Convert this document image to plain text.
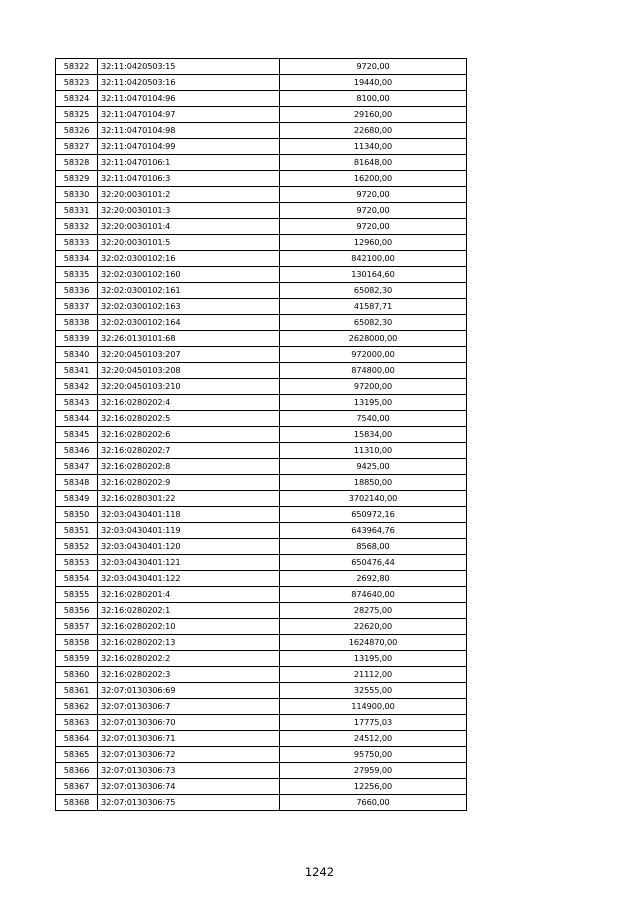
58322	32:11:0420503:15	9720,00
58323	32:11:0420503:16	19440,00
58324	32:11:0470104:96	8100,00
58325	32:11:0470104:97	29160,00
58326	32:11:0470104:98	22680,00
58327	32:11:0470104:99	11340,00
58328	32:11:0470106:1	81648,00
58329	32:11:0470106:3	16200,00
58330	32:20:0030101:2	9720,00
58331	32:20:0030101:3	9720,00
58332	32:20:0030101:4	9720,00
58333	32:20:0030101:5	12960,00
58334	32:02:0300102:16	842100,00
58335	32:02:0300102:160	130164,60
58336	32:02:0300102:161	65082,30
58337	32:02:0300102:163	41587,71
58338	32:02:0300102:164	65082,30
58339	32:26:0130101:68	2628000,00
58340	32:20:0450103:207	972000,00
58341	32:20:0450103:208	874800,00
58342	32:20:0450103:210	97200,00
58343	32:16:0280202:4	13195,00
58344	32:16:0280202:5	7540,00
58345	32:16:0280202:6	15834,00
58346	32:16:0280202:7	11310,00
58347	32:16:0280202:8	9425,00
58348	32:16:0280202:9	18850,00
58349	32:16:0280301:22	3702140,00
58350	32:03:0430401:118	650972,16
58351	32:03:0430401:119	643964,76
58352	32:03:0430401:120	8568,00
58353	32:03:0430401:121	650476,44
58354	32:03:0430401:122	2692,80
58355	32:16:0280201:4	874640,00
58356	32:16:0280202:1	28275,00
58357	32:16:0280202:10	22620,00
58358	32:16:0280202:13	1624870,00
58359	32:16:0280202:2	13195,00
58360	32:16:0280202:3	21112,00
58361	32:07:0130306:69	32555,00
58362	32:07:0130306:7	114900,00
58363	32:07:0130306:70	17775,03
58364	32:07:0130306:71	24512,00
58365	32:07:0130306:72	95750,00
58366	32:07:0130306:73	27959,00
58367	32:07:0130306:74	12256,00
58368	32:07:0130306:75	7660,00
1242
